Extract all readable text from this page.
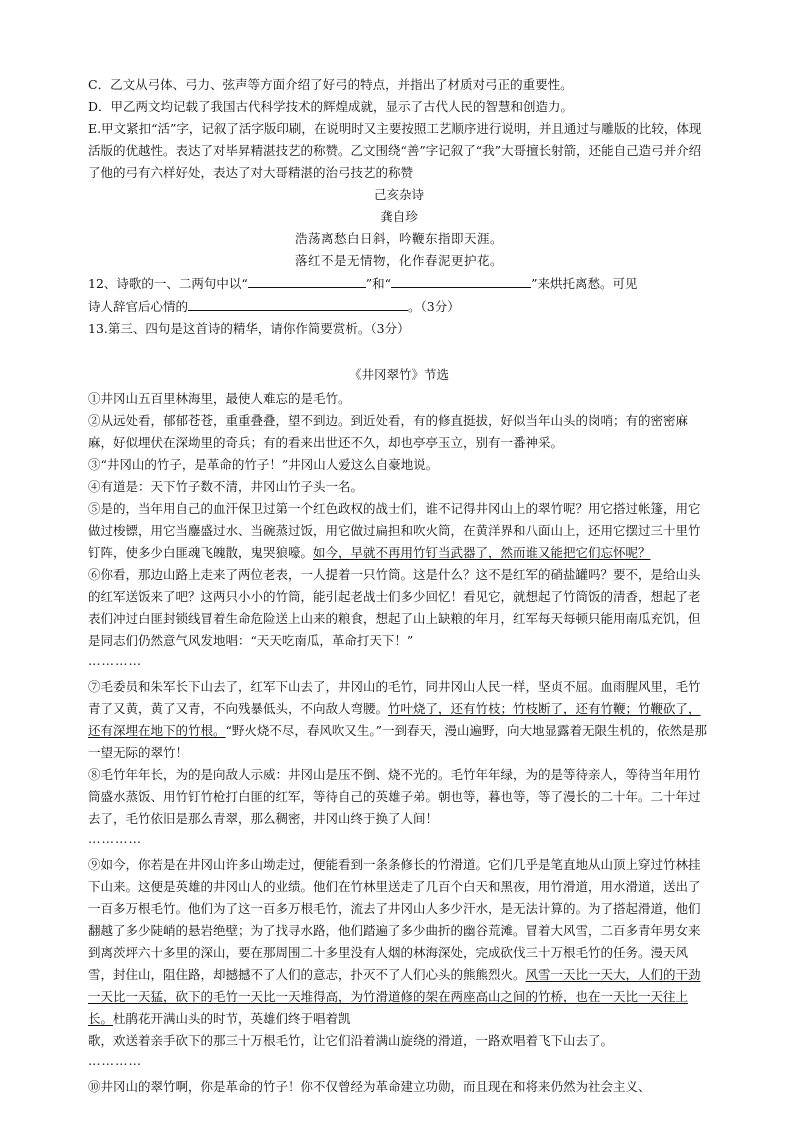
C．乙文从弓体、弓力、弦声等方面介绍了好弓的特点，并指出了材质对弓正的重要性。

D．甲乙两文均记载了我国古代科学技术的辉煌成就，显示了古代人民的智慧和创造力。

E.甲文紧扣“活”字，记叙了活字版印刷，在说明时又主要按照工艺顺序进行说明，并且通过与雕版的比较，体现活版的优越性。表达了对毕昇精湛技艺的称赞。乙文围绕“善”字记叙了“我”大哥擅长射箭，还能自己造弓并介绍了他的弓有六样好处，表达了对大哥精湛的治弓技艺的称赞

己亥杂诗

龚自珍

浩荡离愁白日斜，吟鞭东指即天涯。

落红不是无情物，化作春泥更护花。

12、诗歌的一、二两句中以“	”和“	”来烘托离愁。可见
诗人辞官后心情的	。（3分）

13.第三、四句是这首诗的精华，请你作简要赏析。（3分）

《井冈翠竹》节选

①井冈山五百里林海里，最使人难忘的是毛竹。

②从远处看，郁郁苍苍，重重叠叠，望不到边。到近处看，有的修直挺拔，好似当年山头的岗哨；有的密密麻麻，好似埋伏在深坳里的奇兵；有的看来出世还不久，却也亭亭玉立，别有一番神采。

③“井冈山的竹子，是革命的竹子！”井冈山人爱这么自豪地说。

④有道是：天下竹子数不清，井冈山竹子头一名。

⑤是的，当年用自己的血汗保卫过第一个红色政权的战士们，谁不记得井冈山上的翠竹呢？用它搭过帐篷，用它做过梭镖，用它当鏖盛过水、当碗蒸过饭，用它做过扁担和吹火筒，在黄洋界和八面山上，还用它摆过三十里竹钉阵，使多少白匪魂飞魄散，鬼哭狼嚎。如今，早就不再用竹钉当武器了，然而谁又能把它们忘怀呢？

⑥你看，那边山路上走来了两位老表，一人提着一只竹筒。这是什么？这不是红军的硝盐罐吗？要不，是给山头的红军送饭来了吧？这两只小小的竹筒，能引起老战士们多少回忆！看见它，就想起了竹筒饭的清香，想起了老表们冲过白匪封锁线冒着生命危险送上山来的粮食，想起了山上缺粮的年月，红军每天每顿只能用南瓜充饥，但是同志们仍然意气风发地唱：“天天吃南瓜，革命打天下！”

…………

⑦毛委员和朱军长下山去了，红军下山去了，井冈山的毛竹，同井冈山人民一样，坚贞不屈。血雨腥风里，毛竹青了又黄，黄了又青，不向残暴低头，不向敌人弯腰。竹叶烧了，还有竹枝；竹枝断了，还有竹鞭；竹鞭砍了，还有深埋在地下的竹根。“野火烧不尽，春风吹又生。”一到春天，漫山遍野，向大地显露着无限生机的，依然是那一望无际的翠竹！

⑧毛竹年年长，为的是向敌人示威：井冈山是压不倒、烧不光的。毛竹年年绿，为的是等待亲人，等待当年用竹筒盛水蒸饭、用竹钉竹枪打白匪的红军，等待自己的英雄子弟。朝也等，暮也等，等了漫长的二十年。二十年过去了，毛竹依旧是那么青翠，那么稠密，井冈山终于换了人间！

…………

⑨如今，你若是在井冈山许多山坳走过，便能看到一条条修长的竹滑道。它们几乎是笔直地从山顶上穿过竹林挂下山来。这便是英雄的井冈山人的业绩。他们在竹林里送走了几百个白天和黑夜，用竹滑道，用水滑道，送出了一百多万根毛竹。他们为了这一百多万根毛竹，流去了井冈山人多少汗水，是无法计算的。为了搭起滑道，他们翻越了多少陡峭的悬岩绝壁；为了找寻水路，他们踏遍了多少曲折的幽谷荒滩。冒着大风雪，二百多青年男女来到离茨坪六十多里的深山，要在那周围二十多里没有人烟的林海深处，完成砍伐三十万根毛竹的任务。漫天风雪，封住山，阻住路，却撼撼不了人们的意志，扑灭不了人们心头的熊熊烈火。风雪一天比一天大，人们的干劲一天比一天猛，砍下的毛竹一天比一天堆得高，为竹滑道修的架在两座高山之间的竹桥，也在一天比一天往上长。杜鹃花开满山头的时节，英雄们终于唱着凯
歌，欢送着亲手砍下的那三十万根毛竹，让它们沿着满山旋绕的滑道，一路欢唱着飞下山去了。

…………

⑩井冈山的翠竹啊，你是革命的竹子！你不仅曾经为革命建立功勋，而且现在和将来仍然为社会主义、
